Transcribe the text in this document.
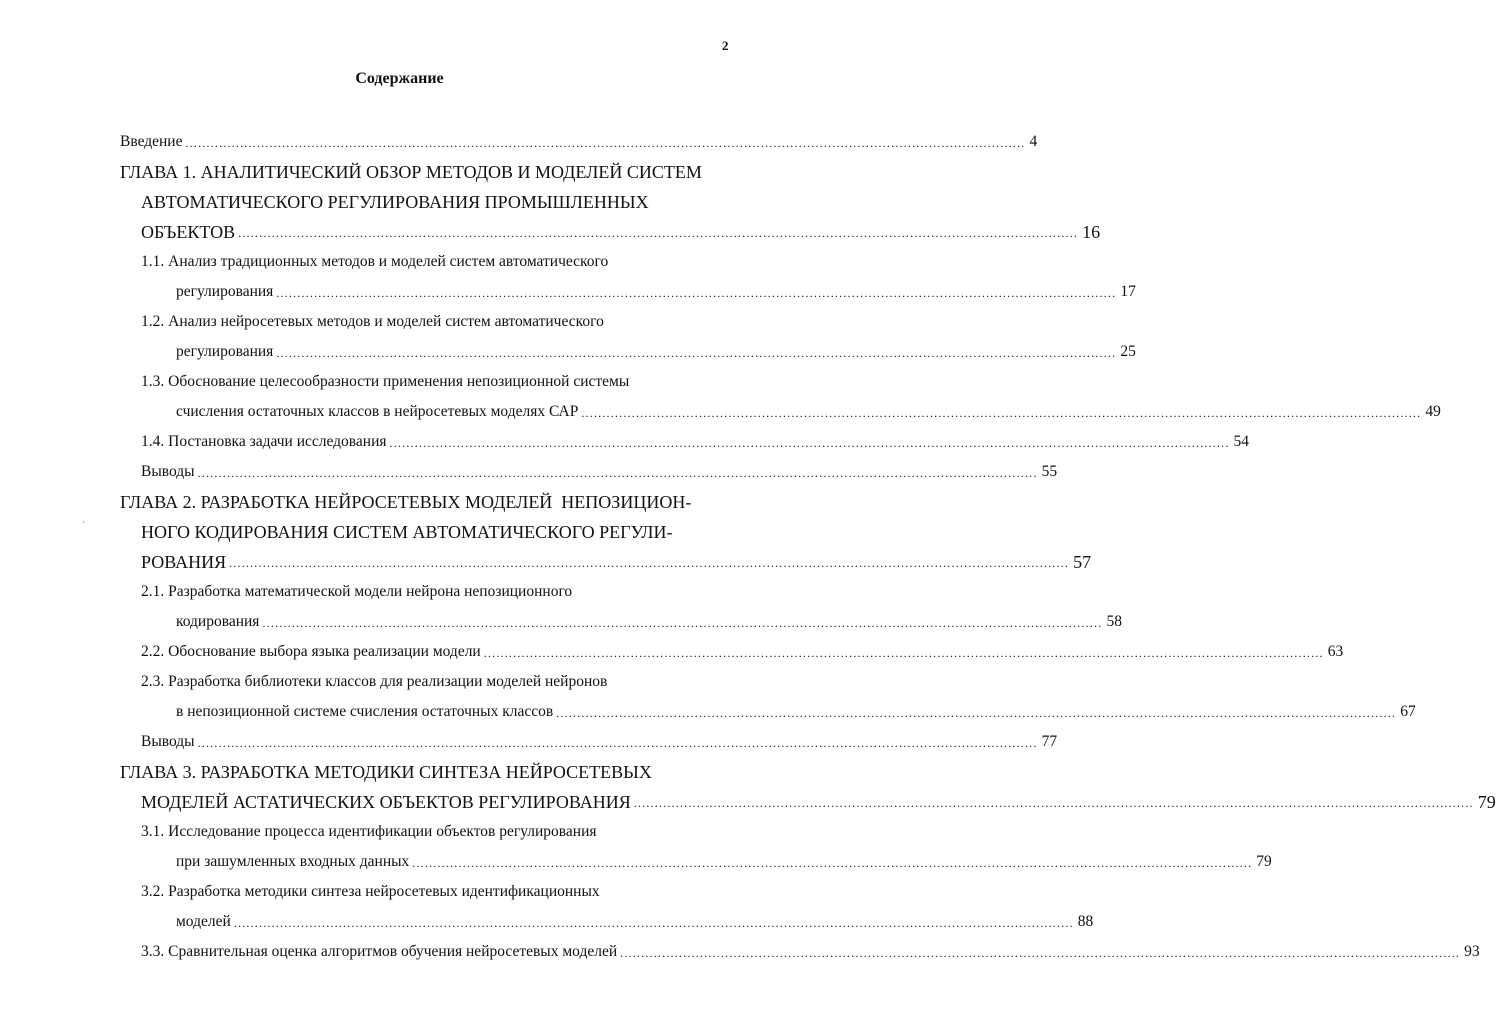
2
Содержание
`
Введение ........................................................................................................................................................................................................ 4
ГЛАВА 1. АНАЛИТИЧЕСКИЙ ОБЗОР МЕТОДОВ И МОДЕЛЕЙ СИСТЕМ
АВТОМАТИЧЕСКОГО РЕГУЛИРОВАНИЯ ПРОМЫШЛЕННЫХ
ОБЪЕКТОВ ........................................................................................................................................................................................................ 16
1.1. Анализ традиционных методов и моделей систем автоматического
регулирования ........................................................................................................................................................................................................ 17
1.2. Анализ нейросетевых методов и моделей систем автоматического
регулирования ........................................................................................................................................................................................................ 25
1.3. Обоснование целесообразности применения непозиционной системы
счисления остаточных классов в нейросетевых моделях САР ........................................................................................................................................................................................................ 49
1.4. Постановка задачи исследования ........................................................................................................................................................................................................ 54
Выводы ........................................................................................................................................................................................................ 55
ГЛАВА 2. РАЗРАБОТКА НЕЙРОСЕТЕВЫХ МОДЕЛЕЙ  НЕПОЗИЦИОН-
НОГО КОДИРОВАНИЯ СИСТЕМ АВТОМАТИЧЕСКОГО РЕГУЛИ-
РОВАНИЯ ........................................................................................................................................................................................................ 57
2.1. Разработка математической модели нейрона непозиционного
кодирования ........................................................................................................................................................................................................ 58
2.2. Обоснование выбора языка реализации модели ........................................................................................................................................................................................................ 63
2.3. Разработка библиотеки классов для реализации моделей нейронов
в непозиционной системе счисления остаточных классов ........................................................................................................................................................................................................ 67
Выводы ........................................................................................................................................................................................................ 77
ГЛАВА 3. РАЗРАБОТКА МЕТОДИКИ СИНТЕЗА НЕЙРОСЕТЕВЫХ
МОДЕЛЕЙ АСТАТИЧЕСКИХ ОБЪЕКТОВ РЕГУЛИРОВАНИЯ ........................................................................................................................................................................................................ 79
3.1. Исследование процесса идентификации объектов регулирования
при зашумленных входных данных ........................................................................................................................................................................................................ 79
3.2. Разработка методики синтеза нейросетевых идентификационных
моделей ........................................................................................................................................................................................................ 88
3.3. Сравнительная оценка алгоритмов обучения нейросетевых моделей ........................................................................................................................................................................................................ 93
